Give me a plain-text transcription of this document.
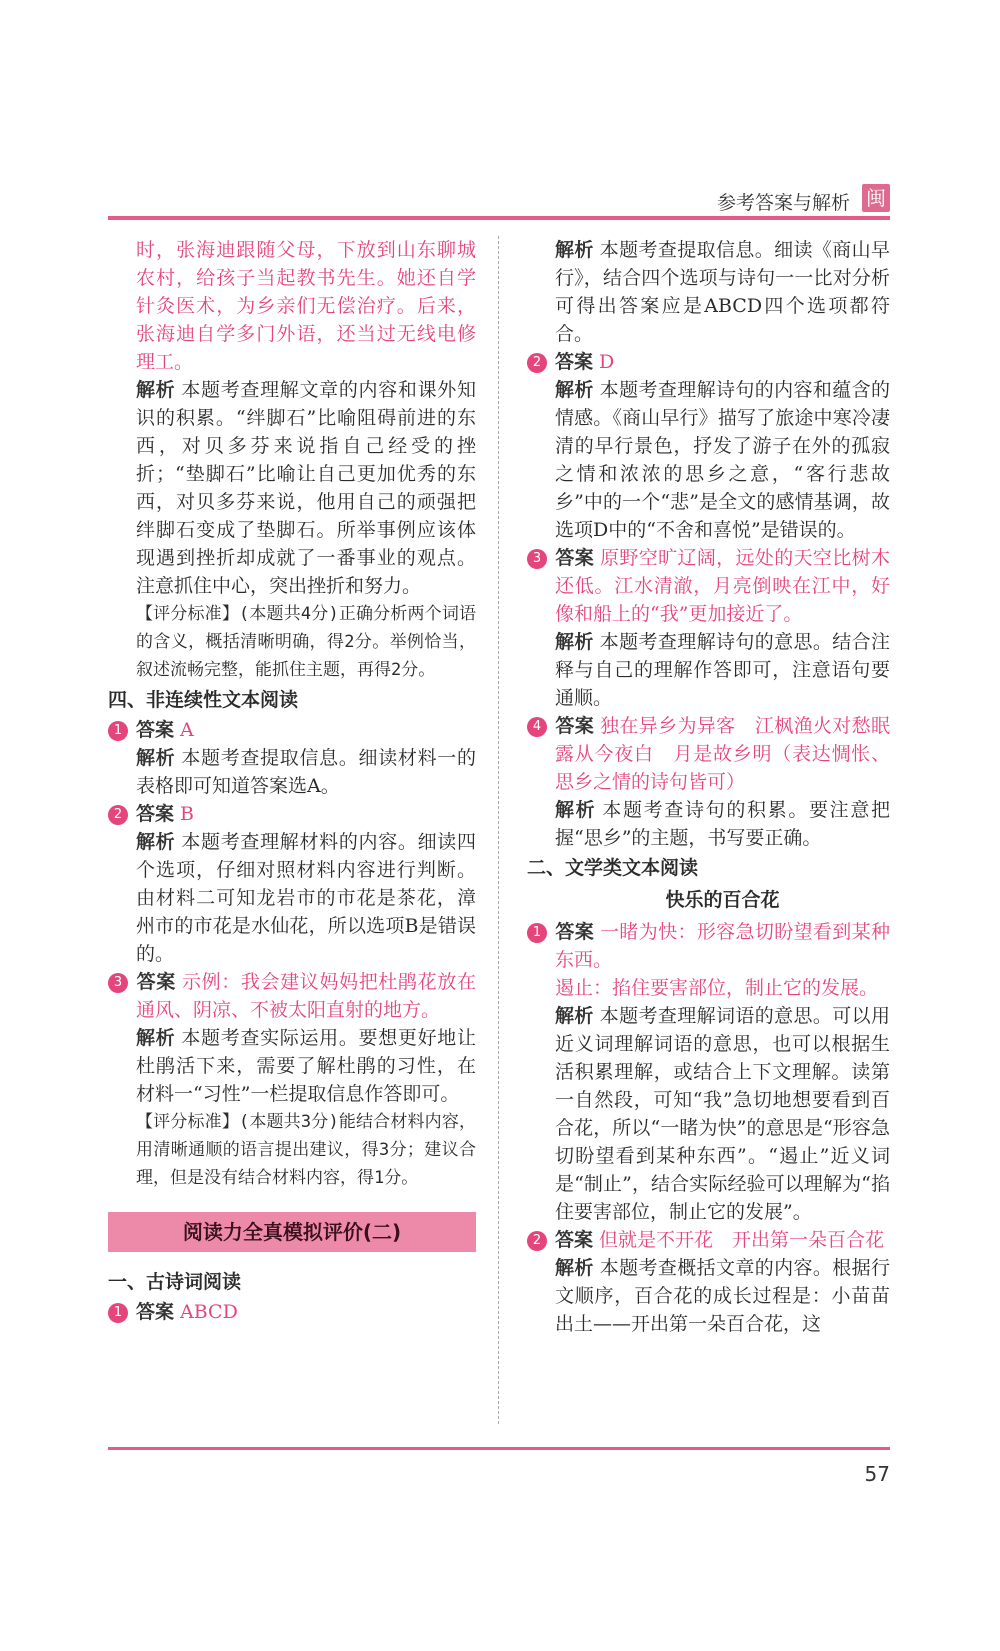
参考答案与解析 闽

时，张海迪跟随父母，下放到山东聊城农村，给孩子当起教书先生。她还自学针灸医术，为乡亲们无偿治疗。后来，张海迪自学多门外语，还当过无线电修理工。

解析 本题考查理解文章的内容和课外知识的积累。“绊脚石”比喻阻碍前进的东西，对贝多芬来说指自己经受的挫折；“垫脚石”比喻让自己更加优秀的东西，对贝多芬来说，他用自己的顽强把绊脚石变成了垫脚石。所举事例应该体现遇到挫折却成就了一番事业的观点。注意抓住中心，突出挫折和努力。

【评分标准】(本题共4分)正确分析两个词语的含义，概括清晰明确，得2分。举例恰当，叙述流畅完整，能抓住主题，再得2分。

四、非连续性文本阅读

1 答案 A

解析 本题考查提取信息。细读材料一的表格即可知道答案选A。

2 答案 B

解析 本题考查理解材料的内容。细读四个选项，仔细对照材料内容进行判断。由材料二可知龙岩市的市花是茶花，漳州市的市花是水仙花，所以选项B是错误的。

3 答案 示例：我会建议妈妈把杜鹃花放在通风、阴凉、不被太阳直射的地方。

解析 本题考查实际运用。要想更好地让杜鹃活下来，需要了解杜鹃的习性，在材料一“习性”一栏提取信息作答即可。

【评分标准】(本题共3分)能结合材料内容，用清晰通顺的语言提出建议，得3分；建议合理，但是没有结合材料内容，得1分。

阅读力全真模拟评价(二)
一、古诗词阅读

1 答案 ABCD

解析 本题考查提取信息。细读《商山早行》，结合四个选项与诗句一一比对分析可得出答案应是ABCD四个选项都符合。

2 答案 D

解析 本题考查理解诗句的内容和蕴含的情感。《商山早行》描写了旅途中寒冷凄清的早行景色，抒发了游子在外的孤寂之情和浓浓的思乡之意，“客行悲故乡”中的一个“悲”是全文的感情基调，故选项D中的“不舍和喜悦”是错误的。

3 答案 原野空旷辽阔，远处的天空比树木还低。江水清澈，月亮倒映在江中，好像和船上的“我”更加接近了。

解析 本题考查理解诗句的意思。结合注释与自己的理解作答即可，注意语句要通顺。

4 答案 独在异乡为异客　江枫渔火对愁眠　露从今夜白　月是故乡明（表达惆怅、思乡之情的诗句皆可）

解析 本题考查诗句的积累。要注意把握“思乡”的主题，书写要正确。

二、文学类文本阅读
快乐的百合花

1 答案 一睹为快：形容急切盼望看到某种东西。

遏止：掐住要害部位，制止它的发展。

解析 本题考查理解词语的意思。可以用近义词理解词语的意思，也可以根据生活积累理解，或结合上下文理解。读第一自然段，可知“我”急切地想要看到百合花，所以“一睹为快”的意思是“形容急切盼望看到某种东西”。“遏止”近义词是“制止”，结合实际经验可以理解为“掐住要害部位，制止它的发展”。

2 答案 但就是不开花　开出第一朵百合花

解析 本题考查概括文章的内容。根据行文顺序，百合花的成长过程是：小苗苗出土——开出第一朵百合花，这

57
